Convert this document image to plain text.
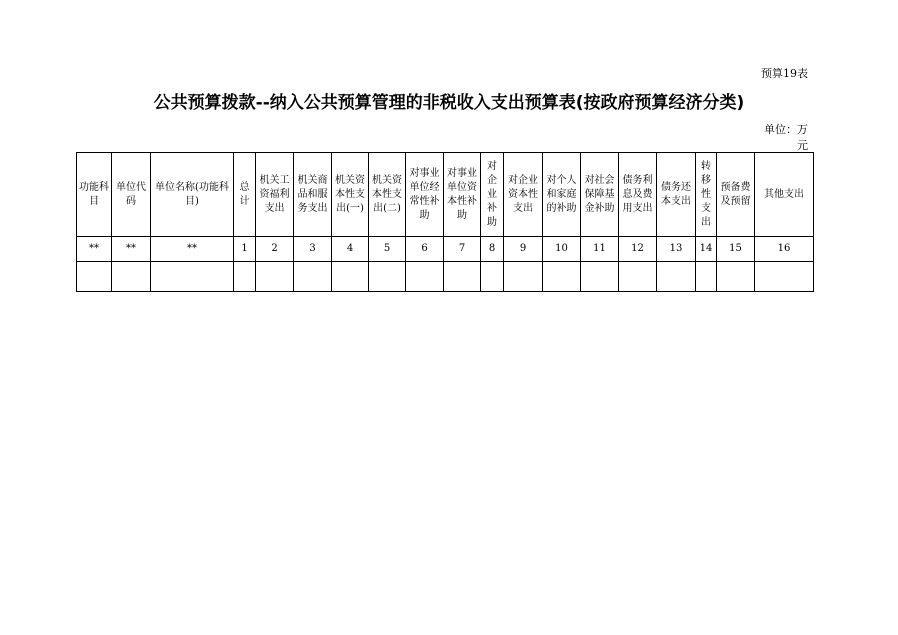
预算19表
公共预算拨款--纳入公共预算管理的非税收入支出预算表(按政府预算经济分类)
单位：万元
功能科目	单位代码	单位名称(功能科目)	总计	机关工资福利支出	机关商品和服务支出	机关资本性支出(一)	机关资本性支出(二)	对事业单位经常性补助	对事业单位资本性补助	对企业补助	对企业资本性支出	对个人和家庭的补助	对社会保障基金补助	债务利息及费用支出	债务还本支出	转移性支出	预备费及预留	其他支出
**	**	**	1	2	3	4	5	6	7	8	9	10	11	12	13	14	15	16
